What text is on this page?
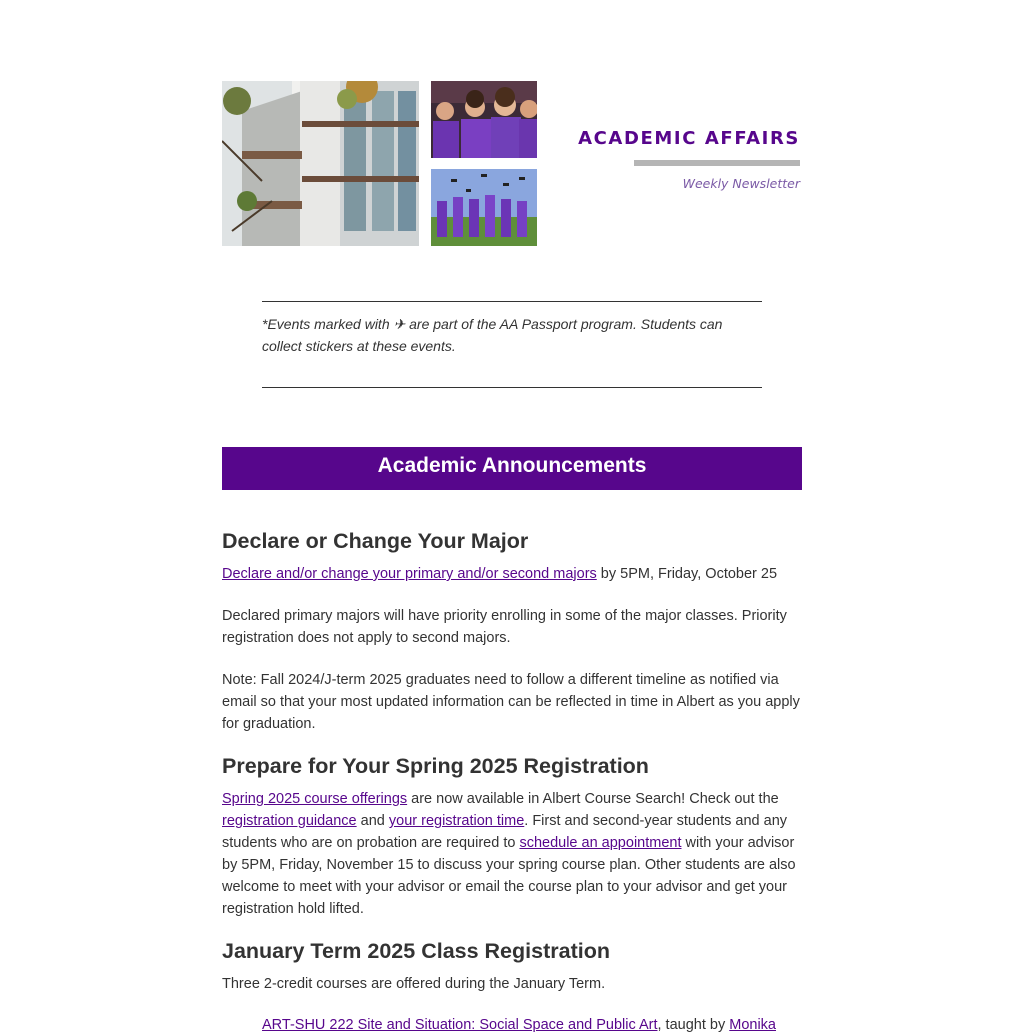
ACADEMIC AFFAIRS
Weekly Newsletter
*Events marked with ✈ are part of the AA Passport program. Students can collect stickers at these events.
Academic Announcements
Declare or Change Your Major

Declare and/or change your primary and/or second majors by 5PM, Friday, October 25

Declared primary majors will have priority enrolling in some of the major classes. Priority registration does not apply to second majors.

Note: Fall 2024/J-term 2025 graduates need to follow a different timeline as notified via email so that your most updated information can be reflected in time in Albert as you apply for graduation.

Prepare for Your Spring 2025 Registration

Spring 2025 course offerings are now available in Albert Course Search! Check out the registration guidance and your registration time. First and second-year students and any students who are on probation are required to schedule an appointment with your advisor by 5PM, Friday, November 15 to discuss your spring course plan. Other students are also welcome to meet with your advisor or email the course plan to your advisor and get your registration hold lifted.

January Term 2025 Class Registration

Three 2-credit courses are offered during the January Term.

ART-SHU 222 Site and Situation: Social Space and Public Art, taught by Monika
